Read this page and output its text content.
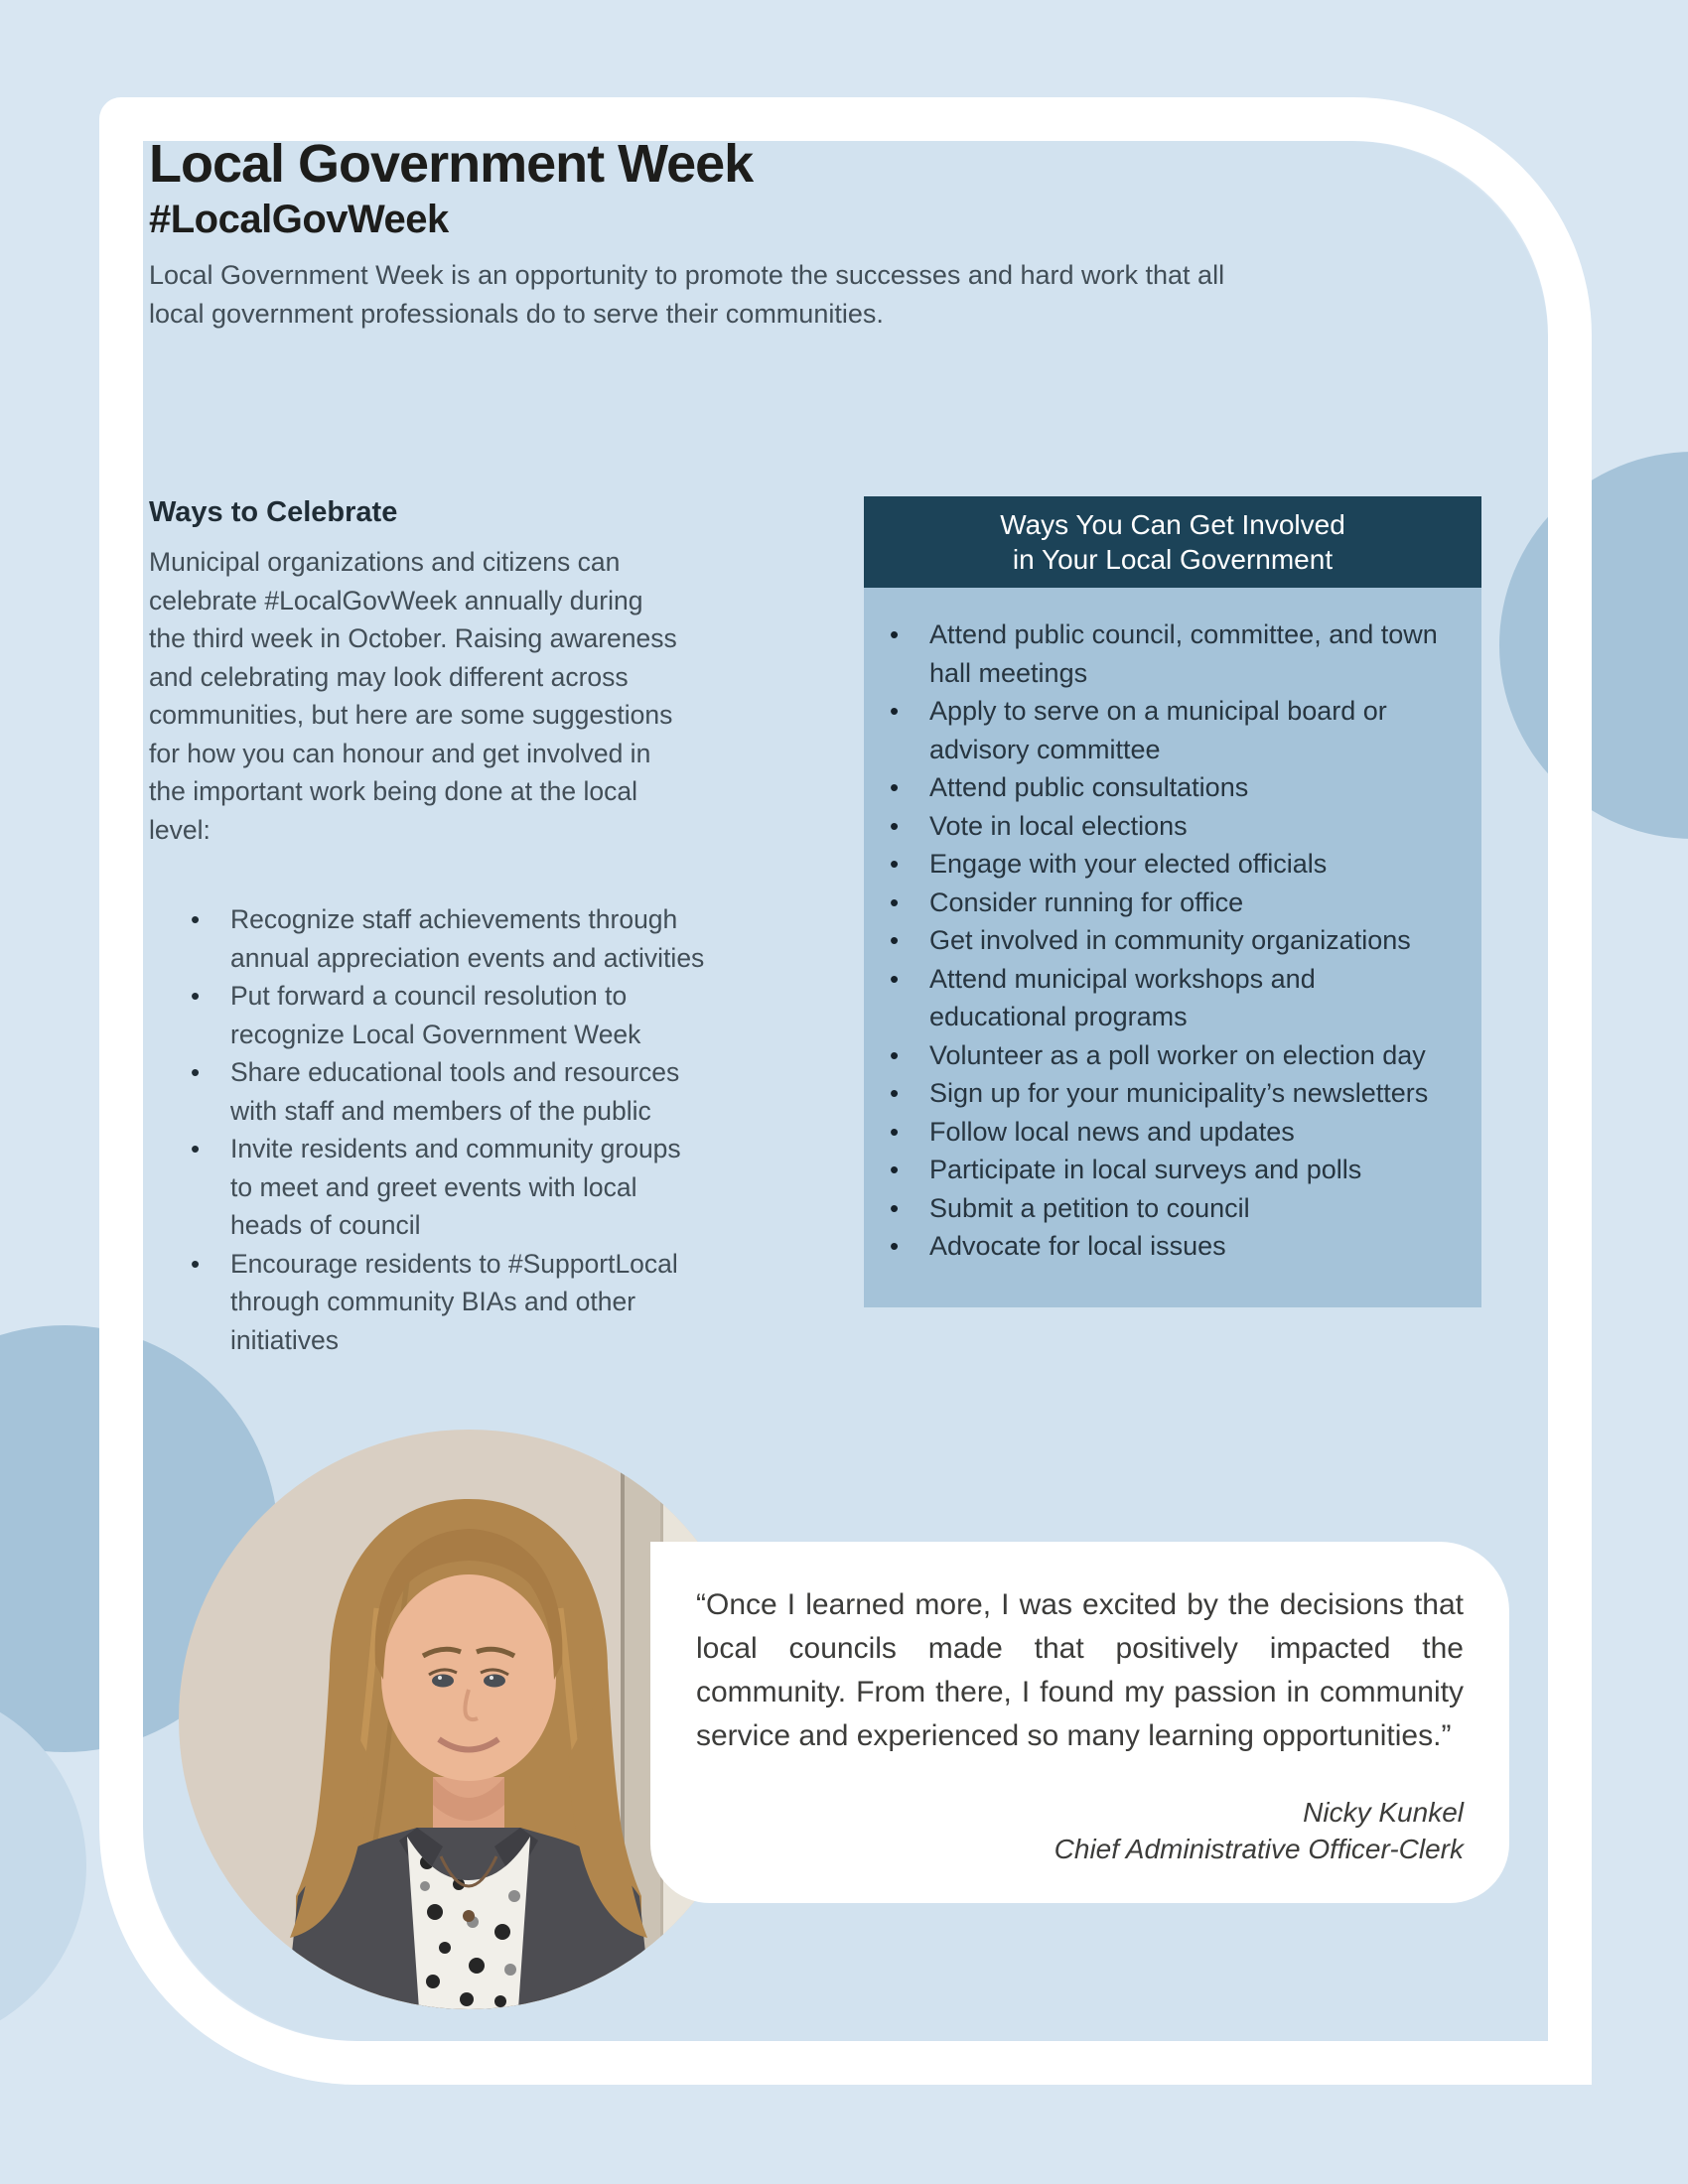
Local Government Week
#LocalGovWeek
Local Government Week is an opportunity to promote the successes and hard work that all local government professionals do to serve their communities.
Ways to Celebrate

Municipal organizations and citizens can celebrate #LocalGovWeek annually during the third week in October. Raising awareness and celebrating may look different across communities, but here are some suggestions for how you can honour and get involved in the important work being done at the local level:

• Recognize staff achievements through annual appreciation events and activities
• Put forward a council resolution to recognize Local Government Week
• Share educational tools and resources with staff and members of the public
• Invite residents and community groups to meet and greet events with local heads of council
• Encourage residents to #SupportLocal through community BIAs and other initiatives
Ways You Can Get Involved
in Your Local Government
• Attend public council, committee, and town hall meetings
• Apply to serve on a municipal board or advisory committee
• Attend public consultations
• Vote in local elections
• Engage with your elected officials
• Consider running for office
• Get involved in community organizations
• Attend municipal workshops and educational programs
• Volunteer as a poll worker on election day
• Sign up for your municipality’s newsletters
• Follow local news and updates
• Participate in local surveys and polls
• Submit a petition to council
• Advocate for local issues
“Once I learned more, I was excited by the decisions that local councils made that positively impacted the community. From there, I found my passion in community service and experienced so many learning opportunities.”
Nicky Kunkel
Chief Administrative Officer-Clerk
